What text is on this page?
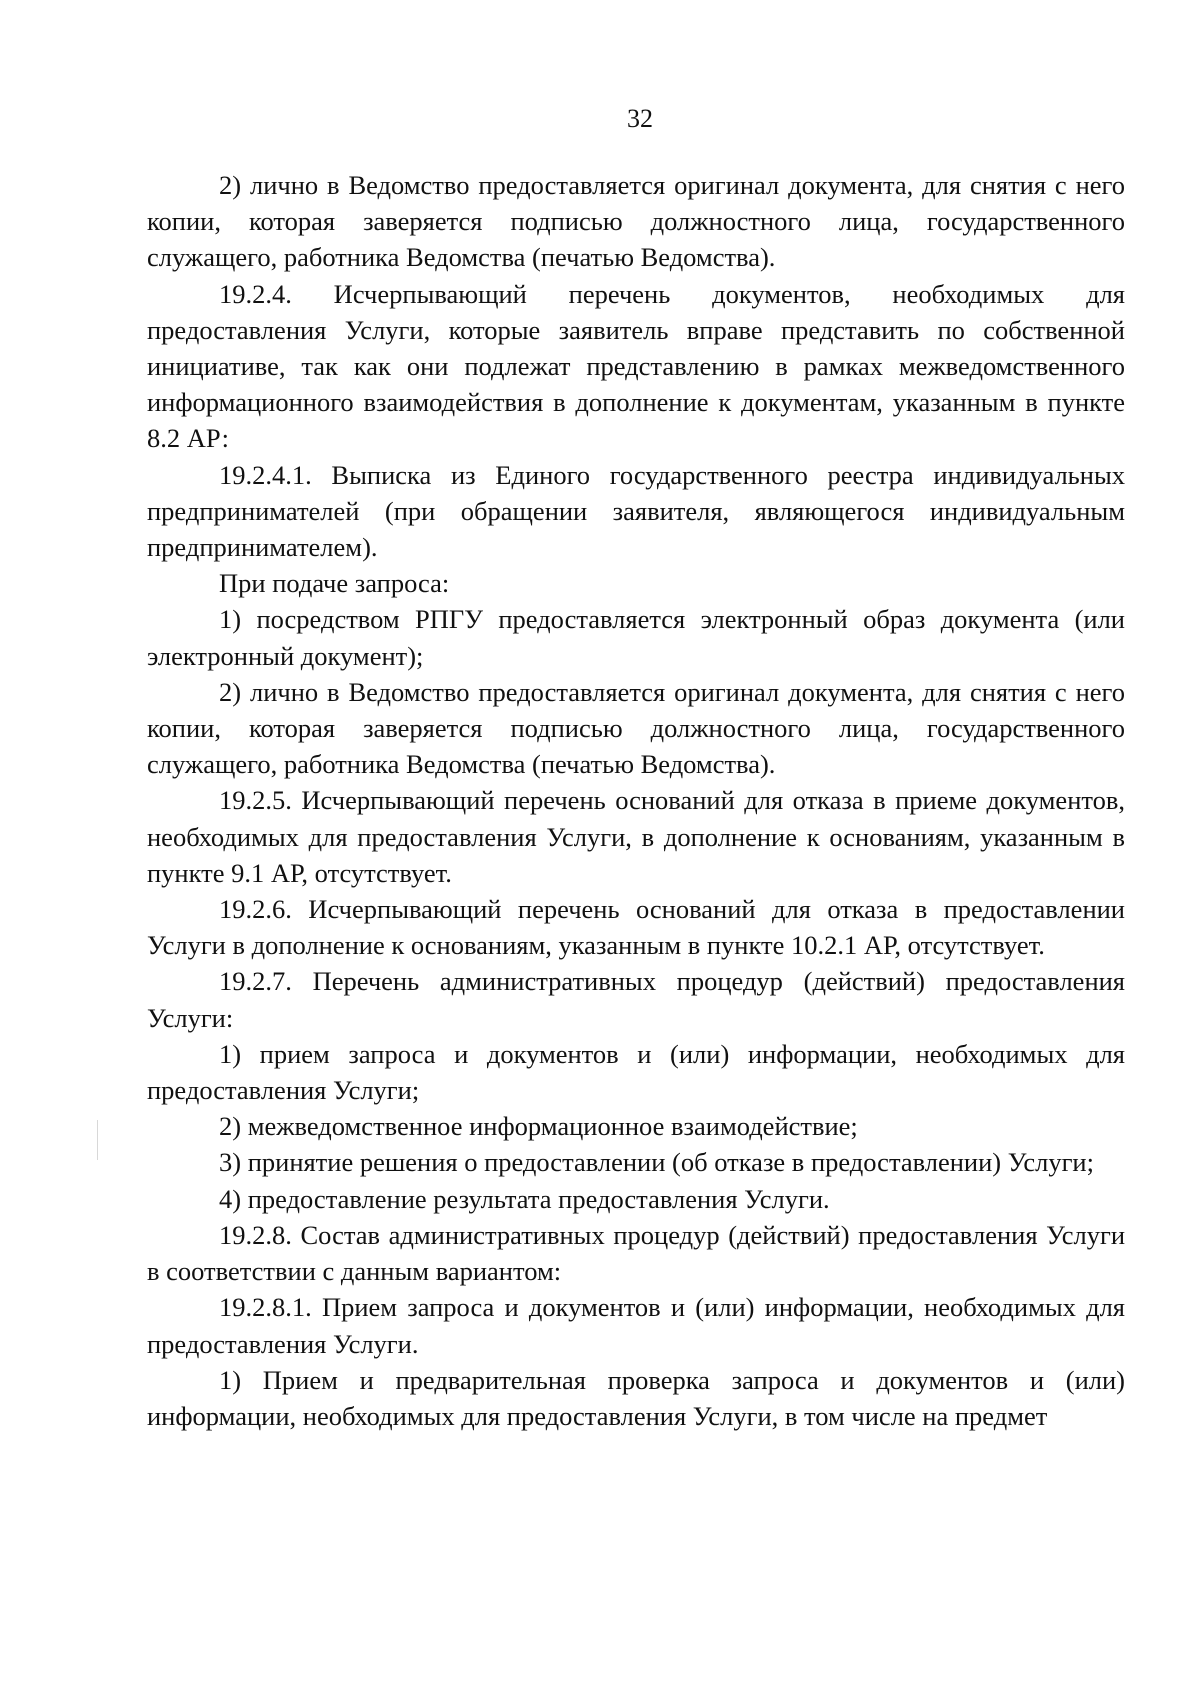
32

2) лично в Ведомство предоставляется оригинал документа, для снятия с него копии, которая заверяется подписью должностного лица, государственного служащего, работника Ведомства (печатью Ведомства).

19.2.4. Исчерпывающий перечень документов, необходимых для предоставления Услуги, которые заявитель вправе представить по собственной инициативе, так как они подлежат представлению в рамках межведомственного информационного взаимодействия в дополнение к документам, указанным в пункте 8.2 АР:

19.2.4.1. Выписка из Единого государственного реестра индивидуальных предпринимателей (при обращении заявителя, являющегося индивидуальным предпринимателем).

При подаче запроса:

1) посредством РПГУ предоставляется электронный образ документа (или электронный документ);

2) лично в Ведомство предоставляется оригинал документа, для снятия с него копии, которая заверяется подписью должностного лица, государственного служащего, работника Ведомства (печатью Ведомства).

19.2.5. Исчерпывающий перечень оснований для отказа в приеме документов, необходимых для предоставления Услуги, в дополнение к основаниям, указанным в пункте 9.1 АР, отсутствует.

19.2.6. Исчерпывающий перечень оснований для отказа в предоставлении Услуги в дополнение к основаниям, указанным в пункте 10.2.1 АР, отсутствует.

19.2.7. Перечень административных процедур (действий) предоставления Услуги:

1) прием запроса и документов и (или) информации, необходимых для предоставления Услуги;

2) межведомственное информационное взаимодействие;

3) принятие решения о предоставлении (об отказе в предоставлении) Услуги;

4) предоставление результата предоставления Услуги.

19.2.8. Состав административных процедур (действий) предоставления Услуги в соответствии с данным вариантом:

19.2.8.1. Прием запроса и документов и (или) информации, необходимых для предоставления Услуги.

1) Прием и предварительная проверка запроса и документов и (или) информации, необходимых для предоставления Услуги, в том числе на предмет
